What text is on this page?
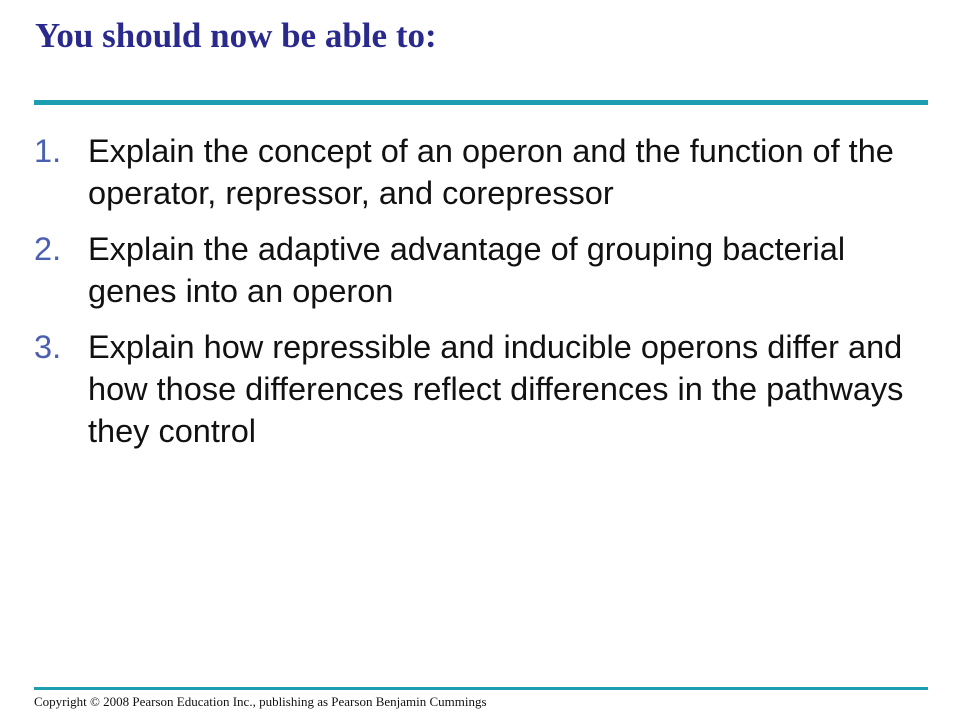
You should now be able to:
1. Explain the concept of an operon and the function of the operator, repressor, and corepressor
2. Explain the adaptive advantage of grouping bacterial genes into an operon
3. Explain how repressible and inducible operons differ and how those differences reflect differences in the pathways they control

Copyright © 2008 Pearson Education Inc., publishing as Pearson Benjamin Cummings
